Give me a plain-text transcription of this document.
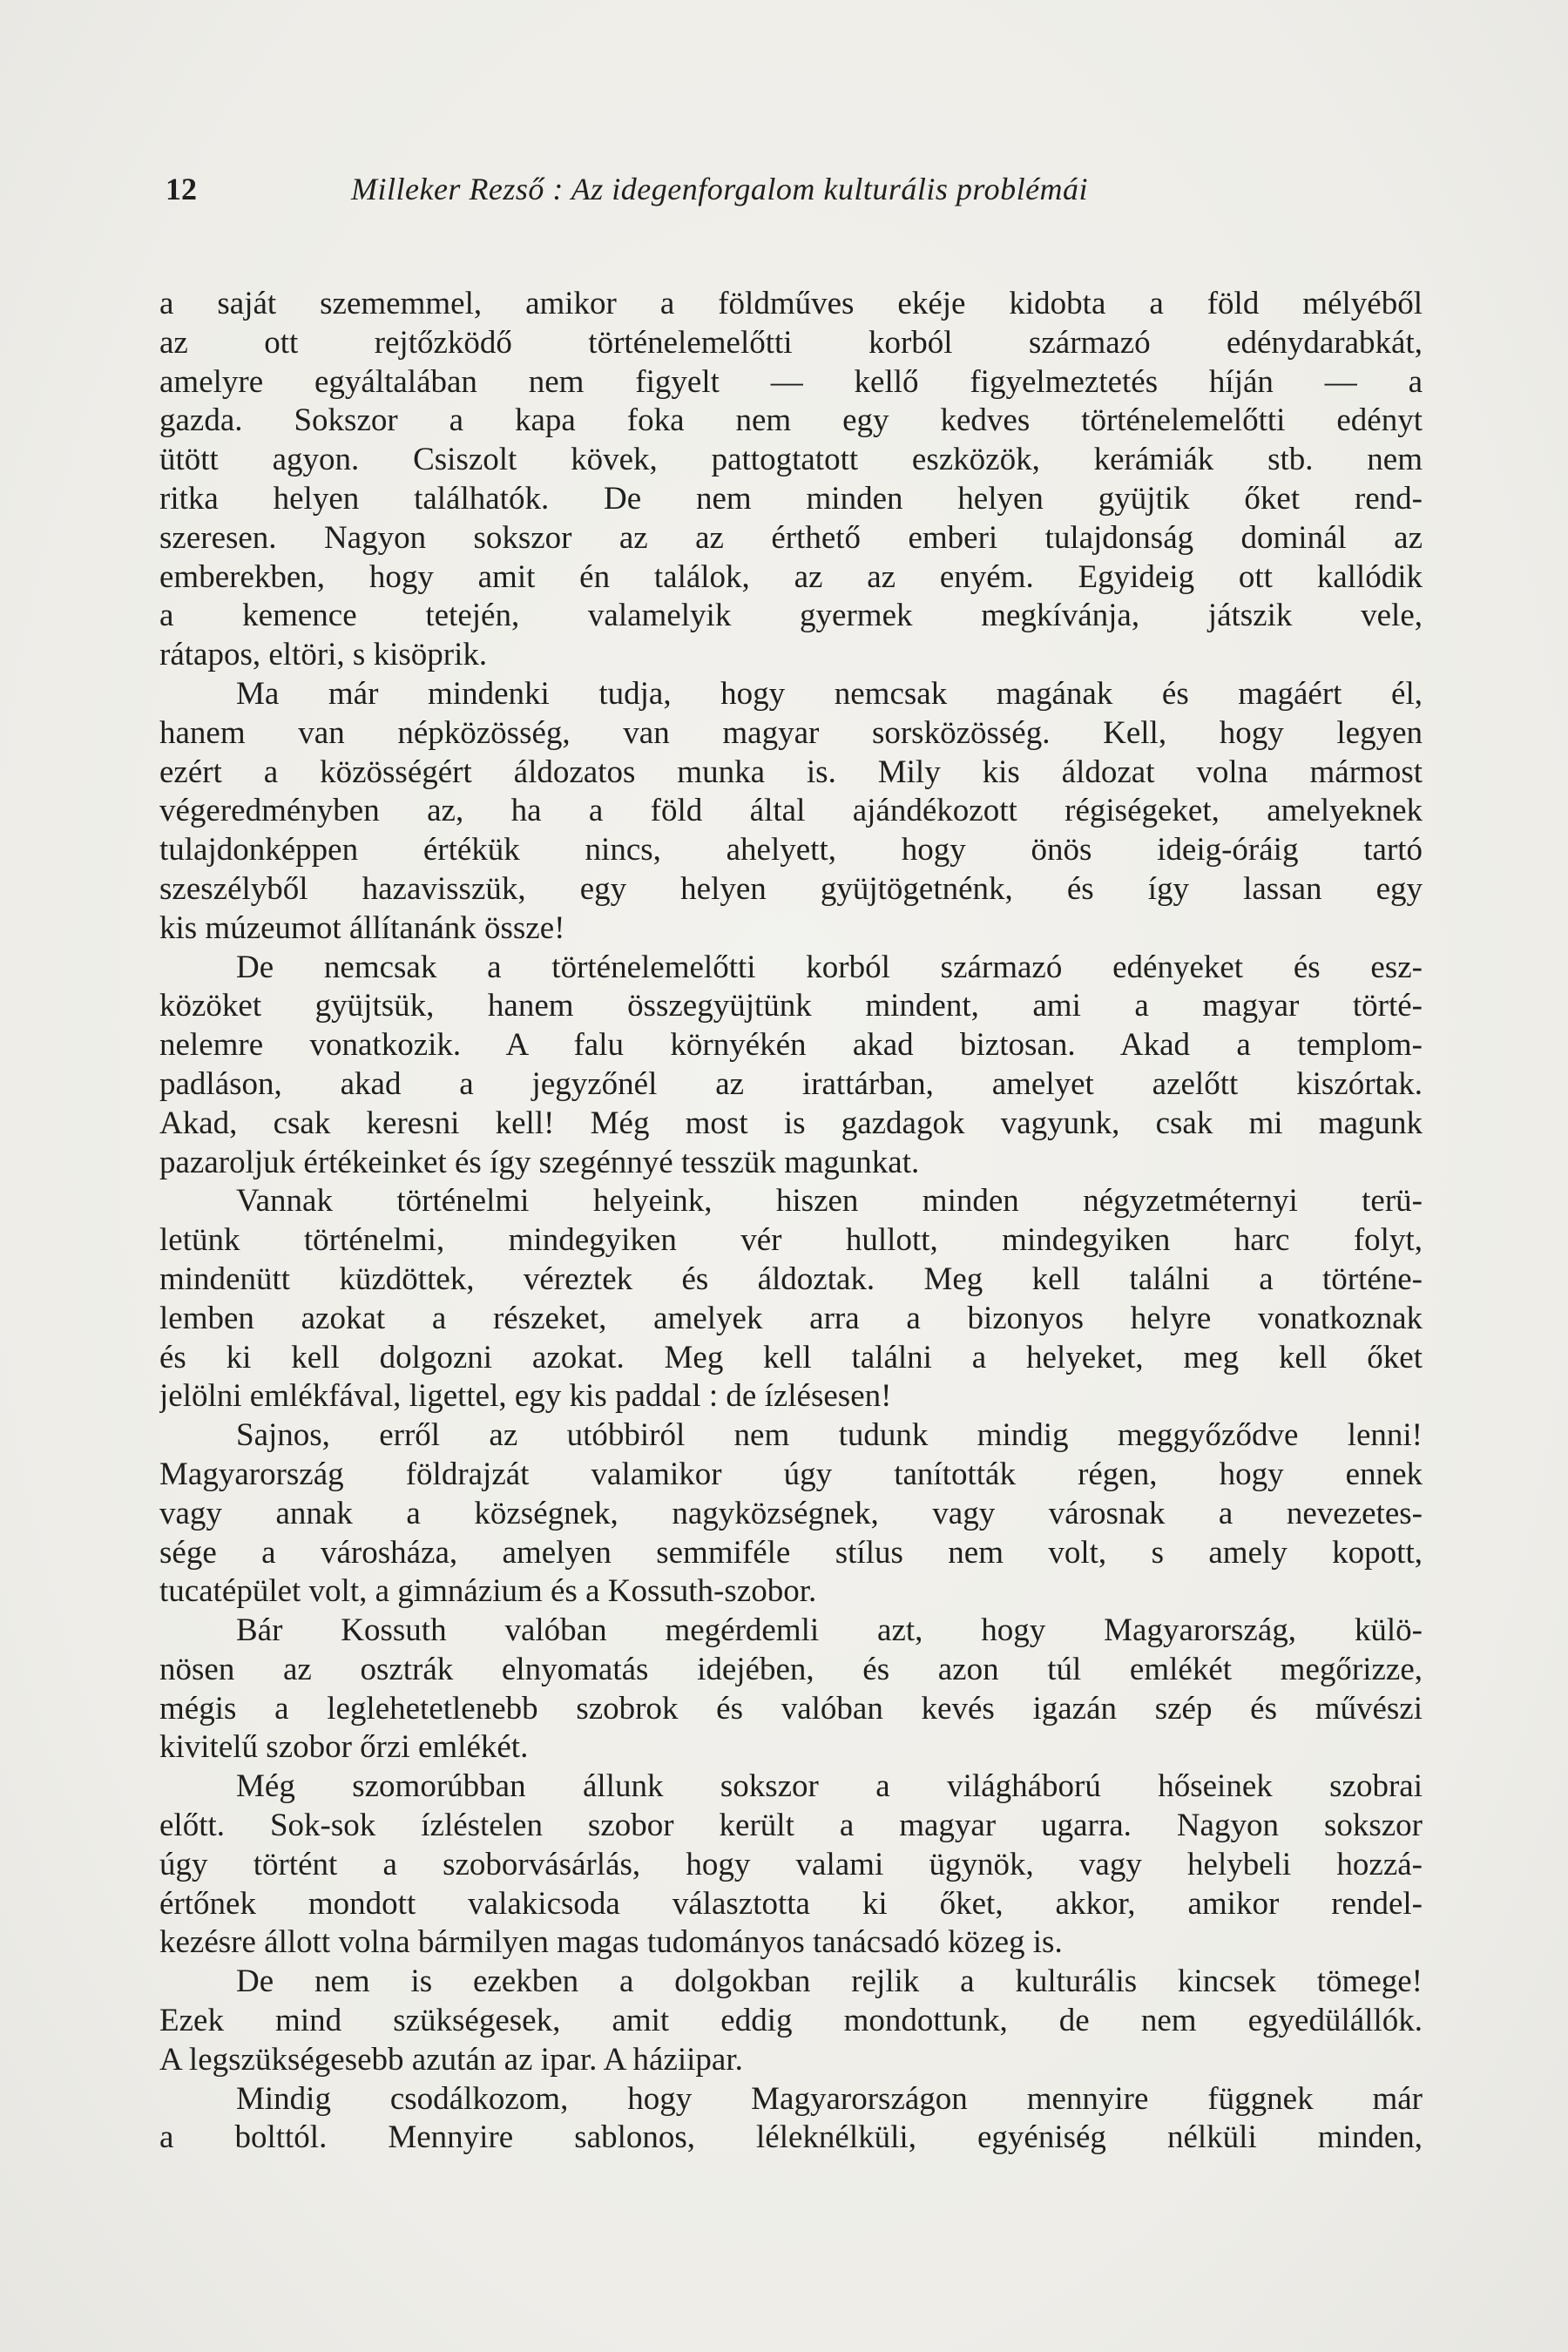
12	Milleker Rezső : Az idegenforgalom kulturális problémái
a saját szememmel, amikor a földműves ekéje kidobta a föld mélyéből
az ott rejtőzködő történelemelőtti korból származó edénydarabkát,
amelyre egyáltalában nem figyelt — kellő figyelmeztetés híján — a
gazda. Sokszor a kapa foka nem egy kedves történelemelőtti edényt
ütött agyon. Csiszolt kövek, pattogtatott eszközök, kerámiák stb. nem
ritka helyen találhatók. De nem minden helyen gyüjtik őket rend-
szeresen. Nagyon sokszor az az érthető emberi tulajdonság dominál az
emberekben, hogy amit én találok, az az enyém. Egyideig ott kallódik
a kemence tetején, valamelyik gyermek megkívánja, játszik vele,
rátapos, eltöri, s kisöprik.
Ma már mindenki tudja, hogy nemcsak magának és magáért él,
hanem van népközösség, van magyar sorsközösség. Kell, hogy legyen
ezért a közösségért áldozatos munka is. Mily kis áldozat volna mármost
végeredményben az, ha a föld által ajándékozott régiségeket, amelyeknek
tulajdonképpen értékük nincs, ahelyett, hogy önös ideig-óráig tartó
szeszélyből hazavisszük, egy helyen gyüjtögetnénk, és így lassan egy
kis múzeumot állítanánk össze!
De nemcsak a történelemelőtti korból származó edényeket és esz-
közöket gyüjtsük, hanem összegyüjtünk mindent, ami a magyar törté-
nelemre vonatkozik. A falu környékén akad biztosan. Akad a templom-
padláson, akad a jegyzőnél az irattárban, amelyet azelőtt kiszórtak.
Akad, csak keresni kell! Még most is gazdagok vagyunk, csak mi magunk
pazaroljuk értékeinket és így szegénnyé tesszük magunkat.
Vannak történelmi helyeink, hiszen minden négyzetméternyi terü-
letünk történelmi, mindegyiken vér hullott, mindegyiken harc folyt,
mindenütt küzdöttek, véreztek és áldoztak. Meg kell találni a történe-
lemben azokat a részeket, amelyek arra a bizonyos helyre vonatkoznak
és ki kell dolgozni azokat. Meg kell találni a helyeket, meg kell őket
jelölni emlékfával, ligettel, egy kis paddal : de ízlésesen!
Sajnos, erről az utóbbiról nem tudunk mindig meggyőződve lenni!
Magyarország földrajzát valamikor úgy tanították régen, hogy ennek
vagy annak a községnek, nagyközségnek, vagy városnak a nevezetes-
sége a városháza, amelyen semmiféle stílus nem volt, s amely kopott,
tucatépület volt, a gimnázium és a Kossuth-szobor.
Bár Kossuth valóban megérdemli azt, hogy Magyarország, külö-
nösen az osztrák elnyomatás idejében, és azon túl emlékét megőrizze,
mégis a leglehetetlenebb szobrok és valóban kevés igazán szép és művészi
kivitelű szobor őrzi emlékét.
Még szomorúbban állunk sokszor a világháború hőseinek szobrai
előtt. Sok-sok ízléstelen szobor került a magyar ugarra. Nagyon sokszor
úgy történt a szoborvásárlás, hogy valami ügynök, vagy helybeli hozzá-
értőnek mondott valakicsoda választotta ki őket, akkor, amikor rendel-
kezésre állott volna bármilyen magas tudományos tanácsadó közeg is.
De nem is ezekben a dolgokban rejlik a kulturális kincsek tömege!
Ezek mind szükségesek, amit eddig mondottunk, de nem egyedülállók.
A legszükségesebb azután az ipar. A háziipar.
Mindig csodálkozom, hogy Magyarországon mennyire függnek már
a bolttól. Mennyire sablonos, léleknélküli, egyéniség nélküli minden,
